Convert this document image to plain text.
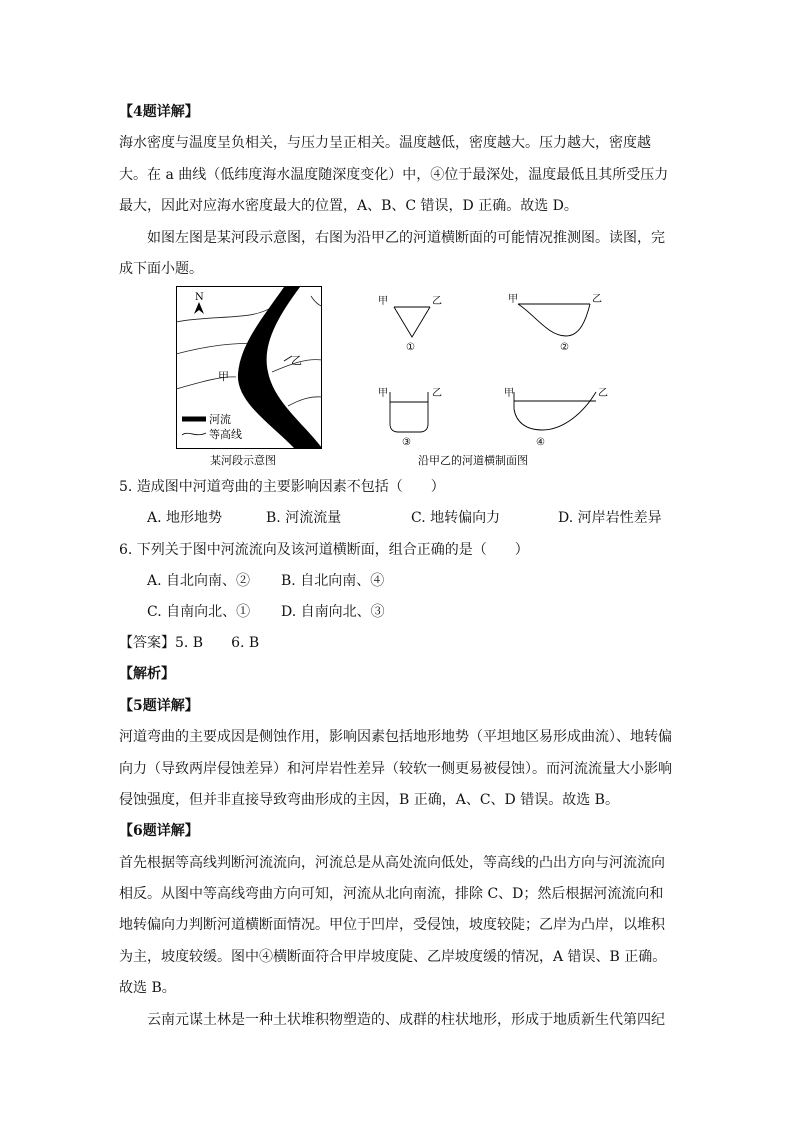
【4题详解】
海水密度与温度呈负相关，与压力呈正相关。温度越低，密度越大。压力越大，密度越
大。在 a 曲线（低纬度海水温度随深度变化）中，④位于最深处，温度最低且其所受压力
最大，因此对应海水密度最大的位置，A、B、C 错误，D 正确。故选 D。
如图左图是某河段示意图，右图为沿甲乙的河道横断面的可能情况推测图。读图，完
成下面小题。
N
乙
甲
河流
等高线
某河段示意图
甲	乙
①
甲	乙
②
甲	乙
③
甲	乙
④
沿甲乙的河道横制面图
5. 造成图中河道弯曲的主要影响因素不包括（　　）
A. 地形地势	B. 河流流量	C. 地转偏向力	D. 河岸岩性差异
6. 下列关于图中河流流向及该河道横断面，组合正确的是（　　）
A. 自北向南、② B. 自北向南、④
C. 自南向北、① D. 自南向北、③
【答案】5. B　　6. B
【解析】
【5题详解】
河道弯曲的主要成因是侧蚀作用，影响因素包括地形地势（平坦地区易形成曲流）、地转偏
向力（导致两岸侵蚀差异）和河岸岩性差异（较软一侧更易被侵蚀）。而河流流量大小影响
侵蚀强度，但并非直接导致弯曲形成的主因，B 正确，A、C、D 错误。故选 B。
【6题详解】
首先根据等高线判断河流流向，河流总是从高处流向低处，等高线的凸出方向与河流流向
相反。从图中等高线弯曲方向可知，河流从北向南流，排除 C、D；然后根据河流流向和
地转偏向力判断河道横断面情况。甲位于凹岸，受侵蚀，坡度较陡；乙岸为凸岸，以堆积
为主，坡度较缓。图中④横断面符合甲岸坡度陡、乙岸坡度缓的情况，A 错误、B 正确。
故选 B。
云南元谋土林是一种土状堆积物塑造的、成群的柱状地形，形成于地质新生代第四纪
